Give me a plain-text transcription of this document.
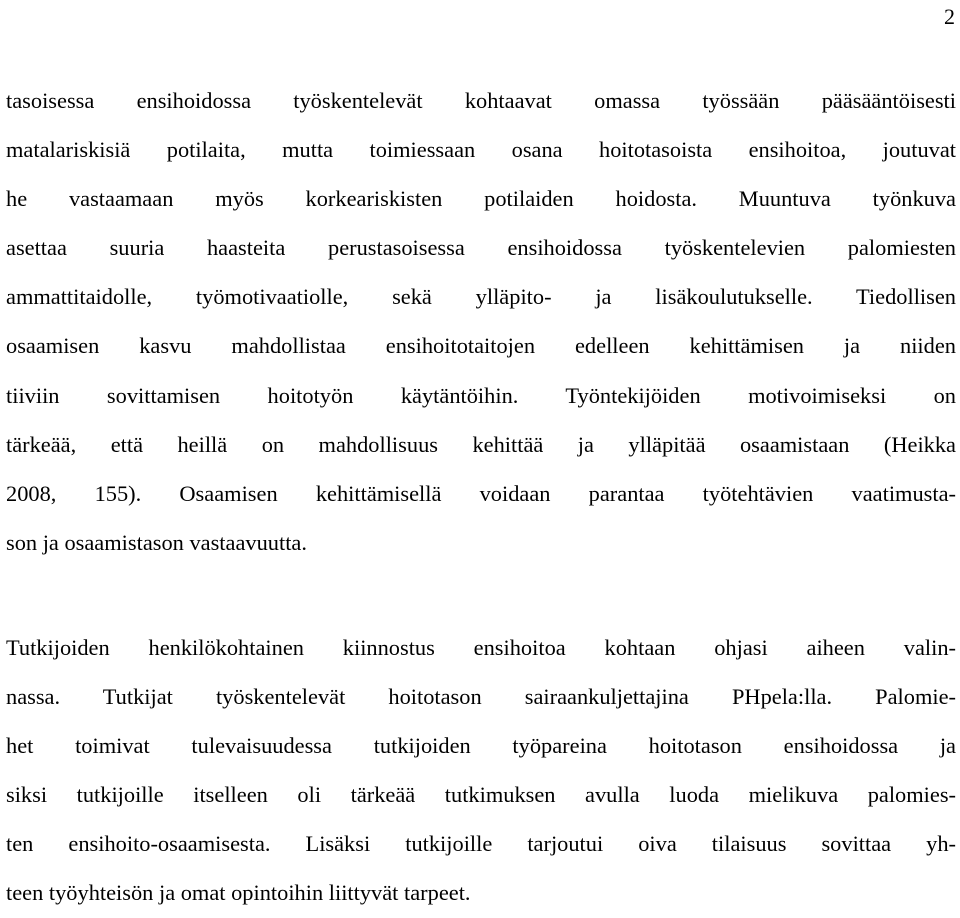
2
tasoisessa ensihoidossa työskentelevät kohtaavat omassa työssään pääsääntöisesti
matalariskisiä potilaita, mutta toimiessaan osana hoitotasoista ensihoitoa, joutuvat
he vastaamaan myös korkeariskisten potilaiden hoidosta. Muuntuva työnkuva
asettaa suuria haasteita perustasoisessa ensihoidossa työskentelevien palomiesten
ammattitaidolle, työmotivaatiolle, sekä ylläpito- ja lisäkoulutukselle. Tiedollisen
osaamisen kasvu mahdollistaa ensihoitotaitojen edelleen kehittämisen ja niiden
tiiviin sovittamisen hoitotyön käytäntöihin. Työntekijöiden motivoimiseksi on
tärkeää, että heillä on mahdollisuus kehittää ja ylläpitää osaamistaan (Heikka
2008, 155). Osaamisen kehittämisellä voidaan parantaa työtehtävien vaatimusta-
son ja osaamistason vastaavuutta.
Tutkijoiden henkilökohtainen kiinnostus ensihoitoa kohtaan ohjasi aiheen valin-
nassa. Tutkijat työskentelevät hoitotason sairaankuljettajina PHpela:lla. Palomie-
het toimivat tulevaisuudessa tutkijoiden työpareina hoitotason ensihoidossa ja
siksi tutkijoille itselleen oli tärkeää tutkimuksen avulla luoda mielikuva palomies-
ten ensihoito-osaamisesta. Lisäksi tutkijoille tarjoutui oiva tilaisuus sovittaa yh-
teen työyhteisön ja omat opintoihin liittyvät tarpeet.
